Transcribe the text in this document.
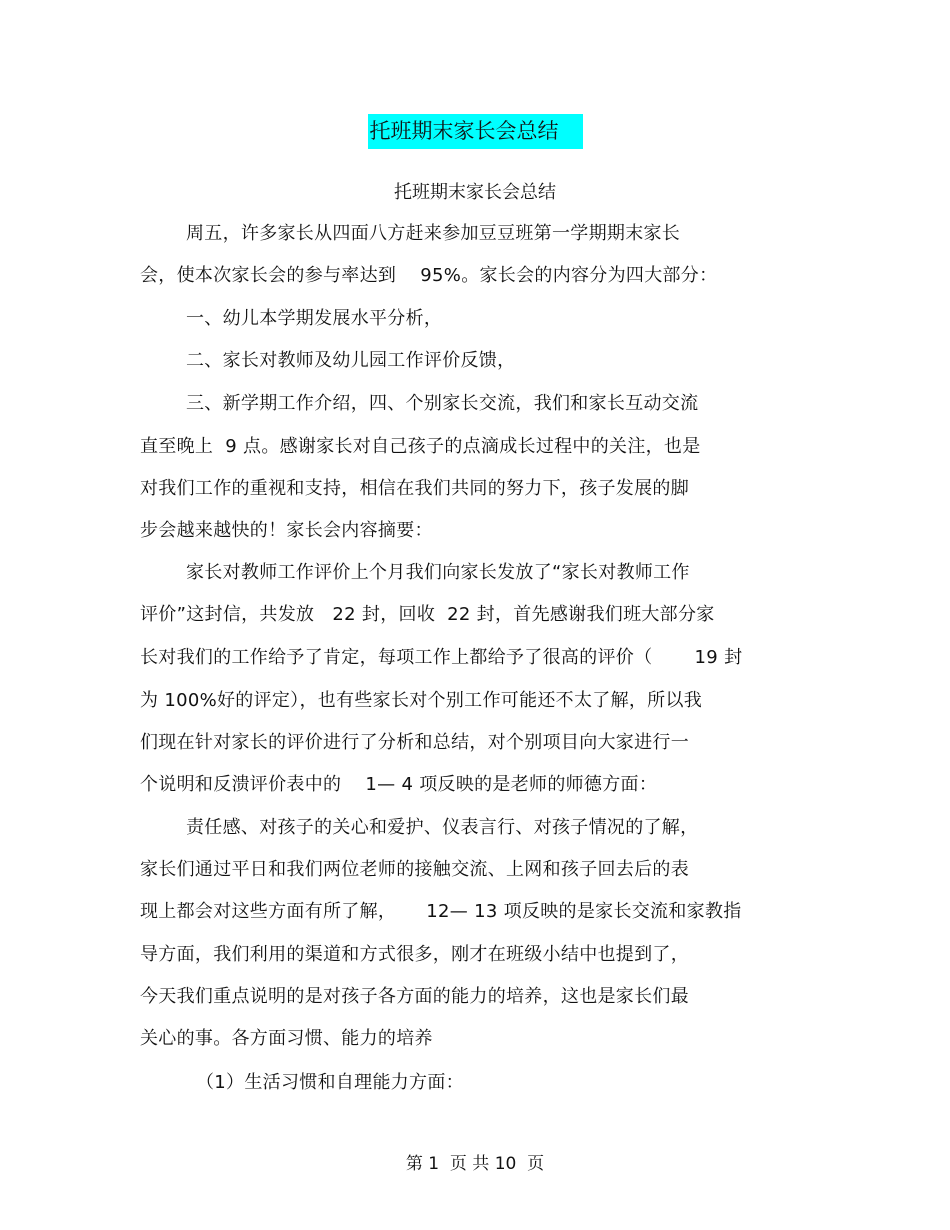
托班期末家长会总结
托班期末家长会总结
周五，许多家长从四面八方赶来参加豆豆班第一学期期末家长
会，使本次家长会的参与率达到    95%。家长会的内容分为四大部分：
一、幼儿本学期发展水平分析，
二、家长对教师及幼儿园工作评价反馈，
三、新学期工作介绍，四、个别家长交流，我们和家长互动交流
直至晚上  9 点。感谢家长对自己孩子的点滴成长过程中的关注，也是
对我们工作的重视和支持，相信在我们共同的努力下，孩子发展的脚
步会越来越快的！家长会内容摘要：
家长对教师工作评价上个月我们向家长发放了“家长对教师工作
评价”这封信，共发放   22 封，回收  22 封，首先感谢我们班大部分家
长对我们的工作给予了肯定，每项工作上都给予了很高的评价（       19 封
为 100%好的评定），也有些家长对个别工作可能还不太了解，所以我
们现在针对家长的评价进行了分析和总结，对个别项目向大家进行一
个说明和反溃评价表中的    1— 4 项反映的是老师的师德方面：
责任感、对孩子的关心和爱护、仪表言行、对孩子情况的了解，
家长们通过平日和我们两位老师的接触交流、上网和孩子回去后的表
现上都会对这些方面有所了解，     12— 13 项反映的是家长交流和家教指
导方面，我们利用的渠道和方式很多，刚才在班级小结中也提到了，
今天我们重点说明的是对孩子各方面的能力的培养，这也是家长们最
关心的事。各方面习惯、能力的培养
（1）生活习惯和自理能力方面：
第 1  页 共 10  页
